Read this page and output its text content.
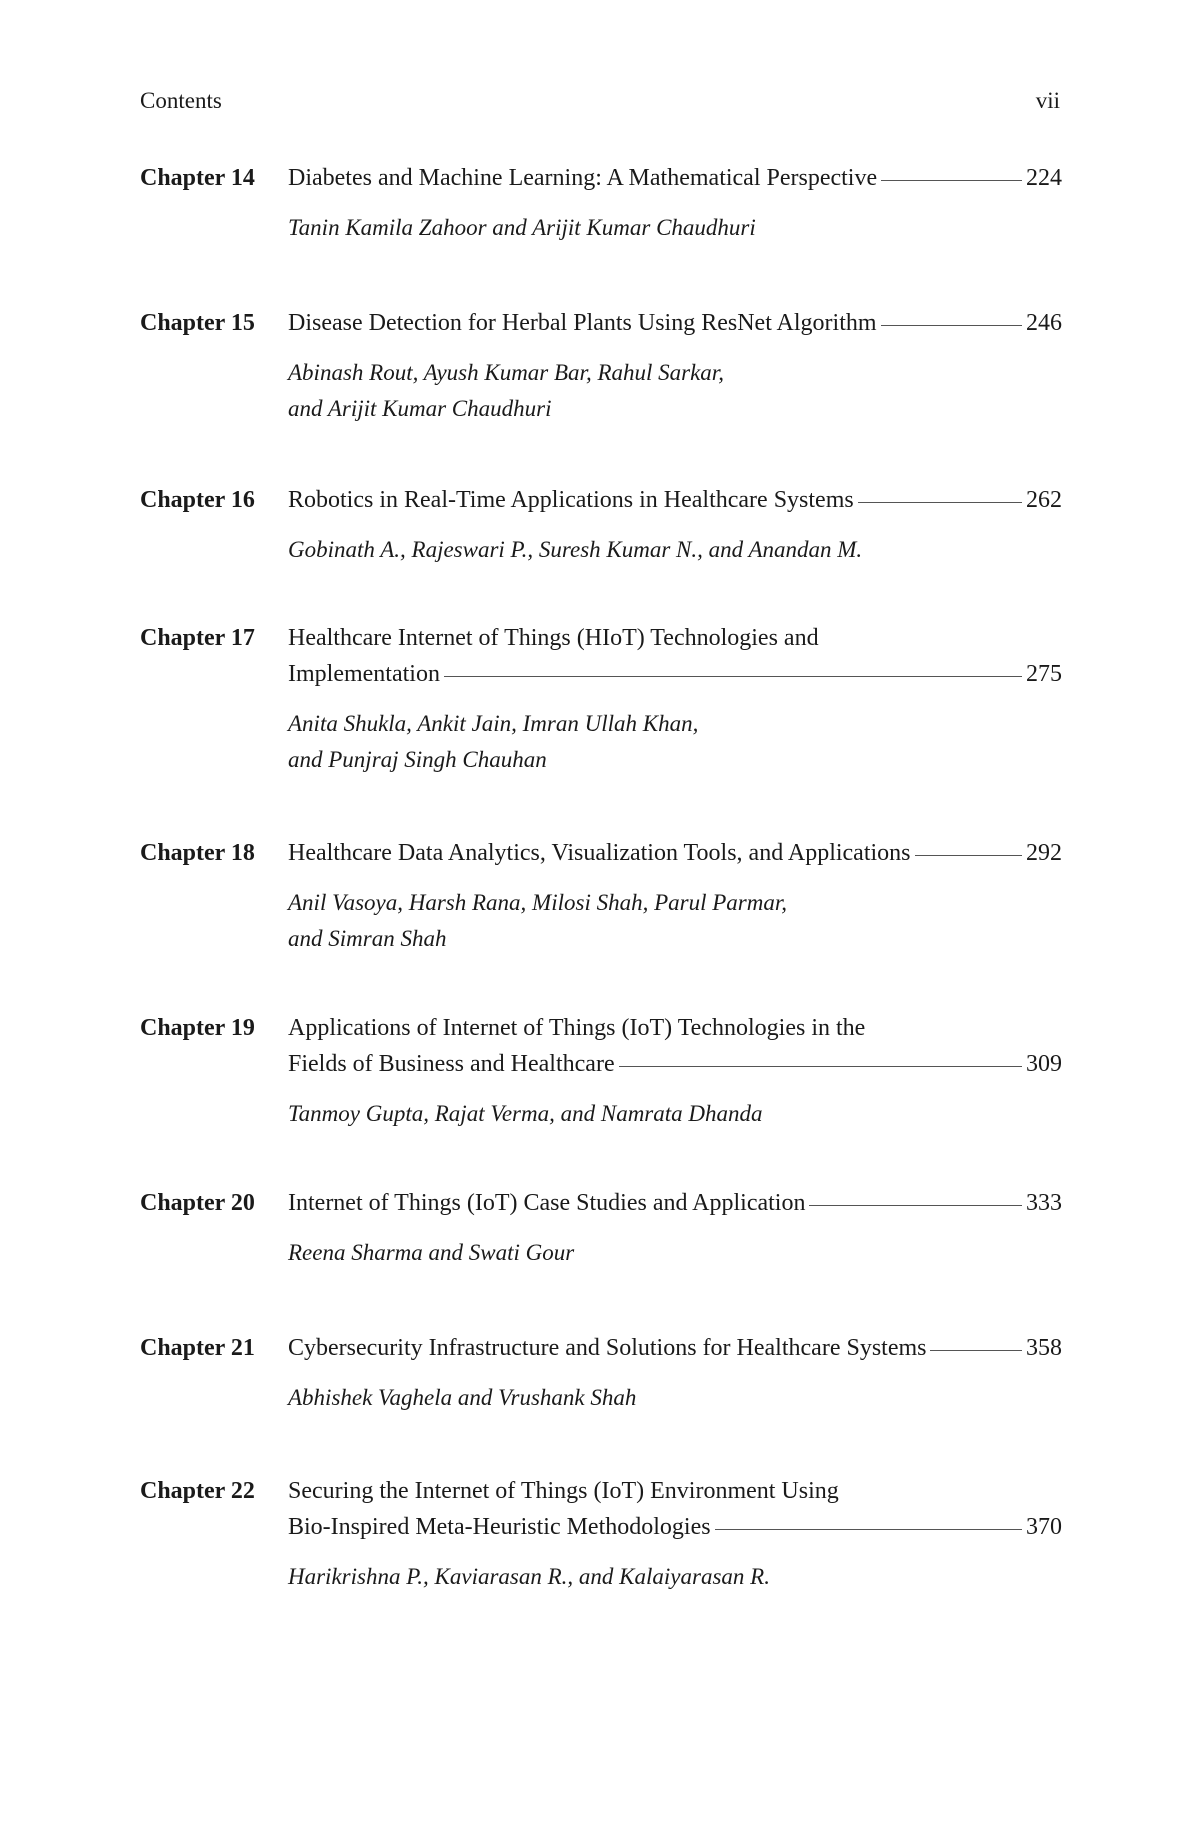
Contents	vii
Chapter 14	Diabetes and Machine Learning: A Mathematical Perspective	224
Tanin Kamila Zahoor and Arijit Kumar Chaudhuri
Chapter 15	Disease Detection for Herbal Plants Using ResNet Algorithm	246
Abinash Rout, Ayush Kumar Bar, Rahul Sarkar,
and Arijit Kumar Chaudhuri
Chapter 16	Robotics in Real-Time Applications in Healthcare Systems	262
Gobinath A., Rajeswari P., Suresh Kumar N., and Anandan M.
Chapter 17	Healthcare Internet of Things (HIoT) Technologies and
Implementation	275
Anita Shukla, Ankit Jain, Imran Ullah Khan,
and Punjraj Singh Chauhan
Chapter 18	Healthcare Data Analytics, Visualization Tools, and Applications	292
Anil Vasoya, Harsh Rana, Milosi Shah, Parul Parmar,
and Simran Shah
Chapter 19	Applications of Internet of Things (IoT) Technologies in the
Fields of Business and Healthcare	309
Tanmoy Gupta, Rajat Verma, and Namrata Dhanda
Chapter 20	Internet of Things (IoT) Case Studies and Application	333
Reena Sharma and Swati Gour
Chapter 21	Cybersecurity Infrastructure and Solutions for Healthcare Systems	358
Abhishek Vaghela and Vrushank Shah
Chapter 22	Securing the Internet of Things (IoT) Environment Using
Bio-Inspired Meta-Heuristic Methodologies	370
Harikrishna P., Kaviarasan R., and Kalaiyarasan R.
